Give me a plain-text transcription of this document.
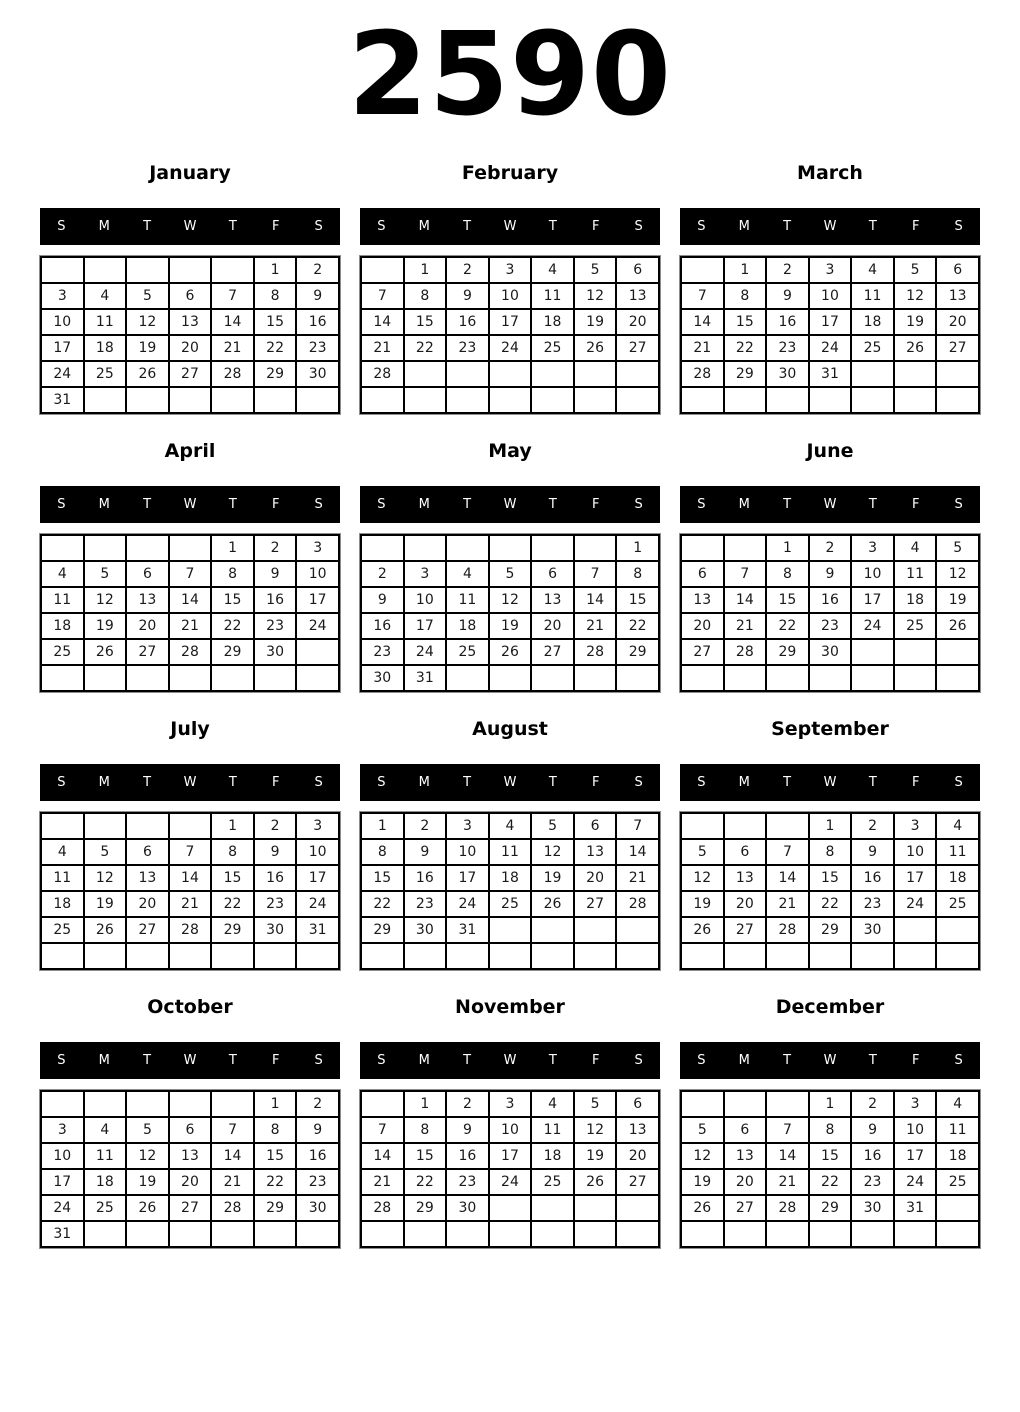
2590
January
S	M	T	W	T	F	S
					1	2
3	4	5	6	7	8	9
10	11	12	13	14	15	16
17	18	19	20	21	22	23
24	25	26	27	28	29	30
31						
February
S	M	T	W	T	F	S
	1	2	3	4	5	6
7	8	9	10	11	12	13
14	15	16	17	18	19	20
21	22	23	24	25	26	27
28						

March
S	M	T	W	T	F	S
	1	2	3	4	5	6
7	8	9	10	11	12	13
14	15	16	17	18	19	20
21	22	23	24	25	26	27
28	29	30	31			

April
S	M	T	W	T	F	S
				1	2	3
4	5	6	7	8	9	10
11	12	13	14	15	16	17
18	19	20	21	22	23	24
25	26	27	28	29	30	

May
S	M	T	W	T	F	S
						1
2	3	4	5	6	7	8
9	10	11	12	13	14	15
16	17	18	19	20	21	22
23	24	25	26	27	28	29
30	31					
June
S	M	T	W	T	F	S
		1	2	3	4	5
6	7	8	9	10	11	12
13	14	15	16	17	18	19
20	21	22	23	24	25	26
27	28	29	30			

July
S	M	T	W	T	F	S
				1	2	3
4	5	6	7	8	9	10
11	12	13	14	15	16	17
18	19	20	21	22	23	24
25	26	27	28	29	30	31

August
S	M	T	W	T	F	S
1	2	3	4	5	6	7
8	9	10	11	12	13	14
15	16	17	18	19	20	21
22	23	24	25	26	27	28
29	30	31				

September
S	M	T	W	T	F	S
			1	2	3	4
5	6	7	8	9	10	11
12	13	14	15	16	17	18
19	20	21	22	23	24	25
26	27	28	29	30		

October
S	M	T	W	T	F	S
					1	2
3	4	5	6	7	8	9
10	11	12	13	14	15	16
17	18	19	20	21	22	23
24	25	26	27	28	29	30
31						
November
S	M	T	W	T	F	S
	1	2	3	4	5	6
7	8	9	10	11	12	13
14	15	16	17	18	19	20
21	22	23	24	25	26	27
28	29	30				

December
S	M	T	W	T	F	S
			1	2	3	4
5	6	7	8	9	10	11
12	13	14	15	16	17	18
19	20	21	22	23	24	25
26	27	28	29	30	31	
